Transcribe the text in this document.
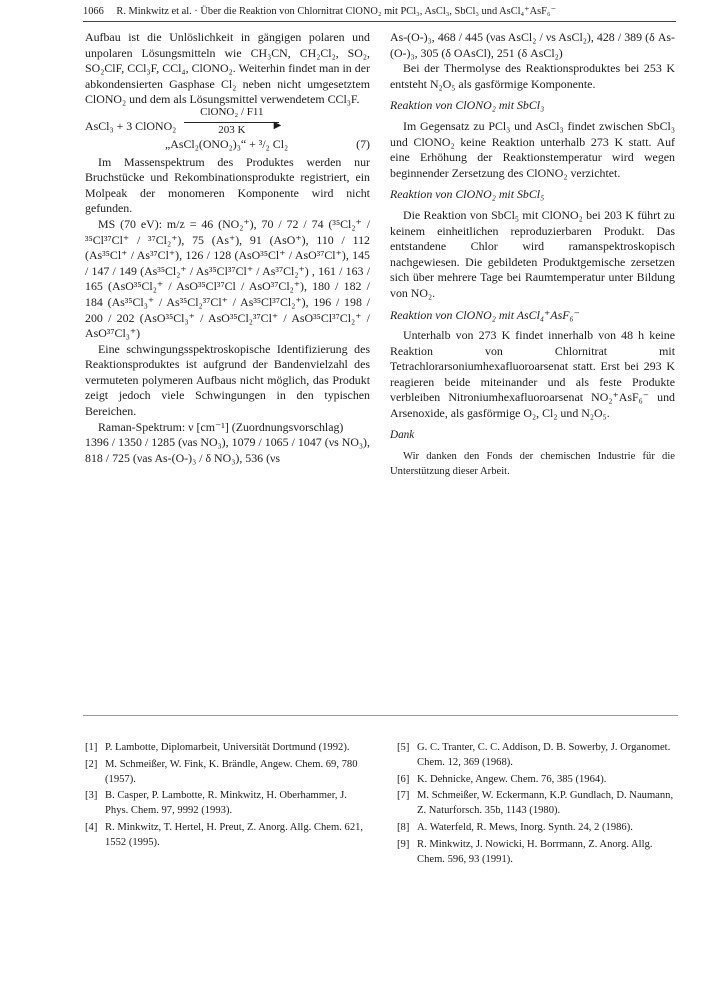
1066 R. Minkwitz et al. · Über die Reaktion von Chlornitrat ClONO₂ mit PCl₃, AsCl₃, SbCl₃ und AsCl₄⁺AsF₆⁻

Aufbau ist die Unlöslichkeit in gängigen polaren und unpolaren Lösungsmitteln wie CH₃CN, CH₂Cl₂, SO₂, SO₂ClF, CCl₃F, CCl₄, ClONO₂. Weiterhin findet man in der abkondensierten Gasphase Cl₂ neben nicht umgesetztem ClONO₂ und dem als Lösungsmittel verwendetem CCl₃F.

AsCl₃ + 3 ClONO₂
ClONO₂ / F11
▶
203 K
„AsCl₂(ONO₂)₃“ + ³/₂ Cl₂	(7)

Im Massenspektrum des Produktes werden nur Bruchstücke und Rekombinationsprodukte registriert, ein Molpeak der monomeren Komponente wird nicht gefunden.

MS (70 eV): m/z = 46 (NO₂⁺), 70 / 72 / 74 (³⁵Cl₂⁺ / ³⁵Cl³⁷Cl⁺ / ³⁷Cl₂⁺), 75 (As⁺), 91 (AsO⁺), 110 / 112 (As³⁵Cl⁺ / As³⁷Cl⁺), 126 / 128 (AsO³⁵Cl⁺ / AsO³⁷Cl⁺), 145 / 147 / 149 (As³⁵Cl₂⁺ / As³⁵Cl³⁷Cl⁺ / As³⁷Cl₂⁺) , 161 / 163 / 165 (AsO³⁵Cl₂⁺ / AsO³⁵Cl³⁷Cl / AsO³⁷Cl₂⁺), 180 / 182 / 184 (As³⁵Cl₃⁺ / As³⁵Cl₂³⁷Cl⁺ / As³⁵Cl³⁷Cl₂⁺), 196 / 198 / 200 / 202 (AsO³⁵Cl₃⁺ / AsO³⁵Cl₂³⁷Cl⁺ / AsO³⁵Cl³⁷Cl₂⁺ / AsO³⁷Cl₃⁺)

Eine schwingungsspektroskopische Identifizierung des Reaktionsproduktes ist aufgrund der Bandenvielzahl des vermuteten polymeren Aufbaus nicht möglich, das Produkt zeigt jedoch viele Schwingungen in den typischen Bereichen.

Raman-Spektrum: ν [cm⁻¹] (Zuordnungsvorschlag)

1396 / 1350 / 1285 (νas NO₃), 1079 / 1065 / 1047 (νs NO₃), 818 / 725 (νas As-(O-)₃ / δ NO₃), 536 (νs

As-(O-)₃, 468 / 445 (νas AsCl₂ / νs AsCl₂), 428 / 389 (δ As-(O-)₃, 305 (δ OAsCl), 251 (δ AsCl₂)

Bei der Thermolyse des Reaktionsproduktes bei 253 K entsteht N₂O₅ als gasförmige Komponente.

Reaktion von ClONO₂ mit SbCl₃

Im Gegensatz zu PCl₃ und AsCl₃ findet zwischen SbCl₃ und ClONO₂ keine Reaktion unterhalb 273 K statt. Auf eine Erhöhung der Reaktionstemperatur wird wegen beginnender Zersetzung des ClONO₂ verzichtet.

Reaktion von ClONO₂ mit SbCl₅

Die Reaktion von SbCl₅ mit ClONO₂ bei 203 K führt zu keinem einheitlichen reproduzierbaren Produkt. Das entstandene Chlor wird ramanspektroskopisch nachgewiesen. Die gebildeten Produktgemische zersetzen sich über mehrere Tage bei Raumtemperatur unter Bildung von NO₂.

Reaktion von ClONO₂ mit AsCl₄⁺AsF₆⁻

Unterhalb von 273 K findet innerhalb von 48 h keine Reaktion von Chlornitrat mit Tetrachlorarsoniumhexafluoroarsenat statt. Erst bei 293 K reagieren beide miteinander und als feste Produkte verbleiben Nitroniumhexafluoroarsenat NO₂⁺AsF₆⁻ und Arsenoxide, als gasförmige O₂, Cl₂ und N₂O₅.

Dank

Wir danken den Fonds der chemischen Industrie für die Unterstützung dieser Arbeit.

[1] P. Lambotte, Diplomarbeit, Universität Dortmund (1992).
[2] M. Schmeißer, W. Fink, K. Brändle, Angew. Chem. 69, 780 (1957).
[3] B. Casper, P. Lambotte, R. Minkwitz, H. Oberhammer, J. Phys. Chem. 97, 9992 (1993).
[4] R. Minkwitz, T. Hertel, H. Preut, Z. Anorg. Allg. Chem. 621, 1552 (1995).
[5] G. C. Tranter, C. C. Addison, D. B. Sowerby, J. Organomet. Chem. 12, 369 (1968).
[6] K. Dehnicke, Angew. Chem. 76, 385 (1964).
[7] M. Schmeißer, W. Eckermann, K.P. Gundlach, D. Naumann, Z. Naturforsch. 35b, 1143 (1980).
[8] A. Waterfeld, R. Mews, Inorg. Synth. 24, 2 (1986).
[9] R. Minkwitz, J. Nowicki, H. Borrmann, Z. Anorg. Allg. Chem. 596, 93 (1991).
